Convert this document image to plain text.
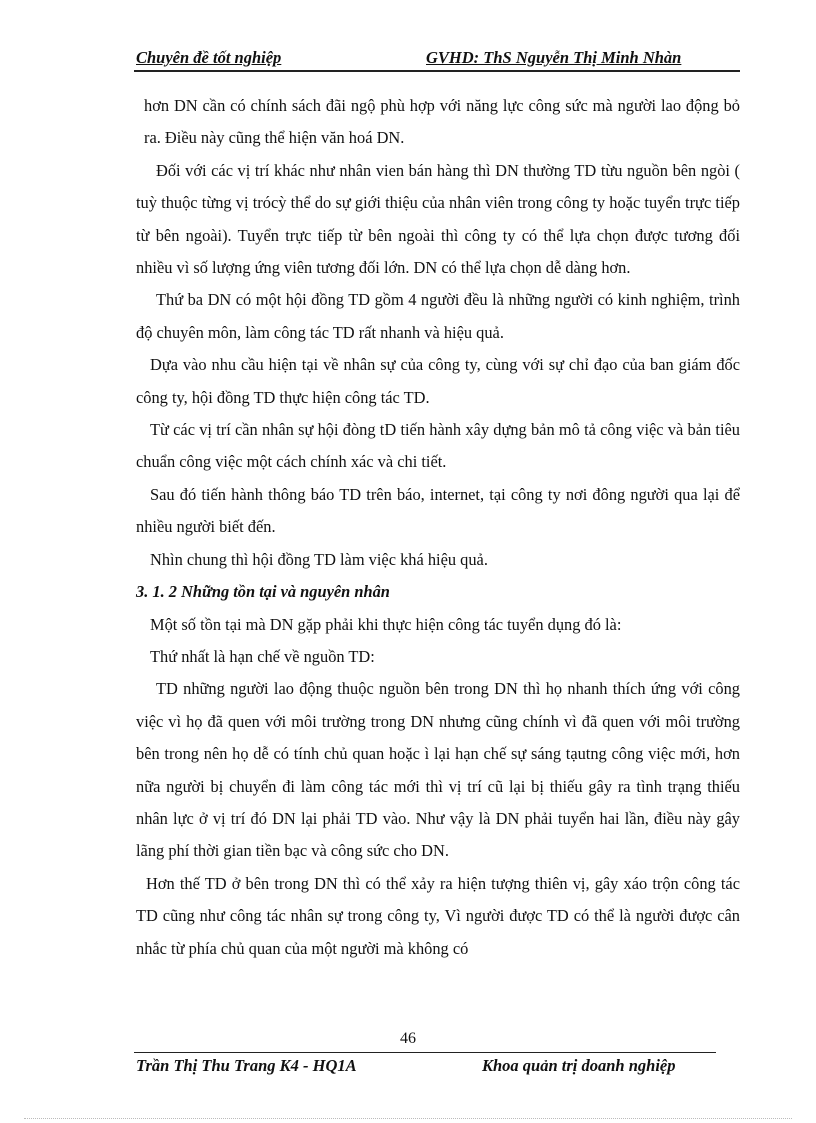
Chuyên đề tốt nghiệp	GVHD: ThS Nguyễn Thị Minh Nhàn

hơn DN cần có chính sách đãi ngộ phù hợp với năng lực công sức mà người lao động bỏ ra. Điều này cũng thể hiện văn hoá DN.

Đối với các vị trí khác như nhân vien bán hàng thì DN thường TD từu nguồn bên ngòi ( tuỳ thuộc từng vị trócỳ thể do sự giới thiệu của nhân viên trong công ty hoặc tuyển trực tiếp từ bên ngoài). Tuyển trực tiếp từ bên ngoài thì công ty có thể lựa chọn được tương đối nhiều vì số lượng ứng viên tương đối lớn. DN có thể lựa chọn dễ dàng hơn.

Thứ ba DN có một hội đồng TD gồm 4 người đều là những người có kinh nghiệm, trình độ chuyên môn, làm công tác TD rất nhanh và hiệu quả.

Dựa vào nhu cầu hiện tại về nhân sự của công ty, cùng với sự chỉ đạo của ban giám đốc công ty, hội đồng TD thực hiện công tác TD.

Từ các vị trí cần nhân sự hội đòng tD tiến hành xây dựng bản mô tả công việc và bản tiêu chuẩn công việc một cách chính xác và chi tiết.

Sau đó tiến hành thông báo TD trên báo, internet, tại công ty nơi đông người qua lại để nhiều người biết đến.

Nhìn chung thì hội đồng TD làm việc khá hiệu quả.

3. 1. 2 Những tồn tại và nguyên nhân

Một số tồn tại mà DN gặp phải khi thực hiện công tác tuyển dụng đó là:

Thứ nhất là hạn chế về nguồn TD:

TD những người lao động thuộc nguồn bên trong DN thì họ nhanh thích ứng với công việc vì họ đã quen với môi trường trong DN nhưng cũng chính vì đã quen với môi trường bên trong nên họ dễ có tính chủ quan hoặc ì lại hạn chế sự sáng tạutng công việc mới, hơn nữa người bị chuyển đi làm công tác mới thì vị trí cũ lại bị thiếu gây ra tình trạng thiếu nhân lực ở vị trí đó DN lại phải TD vào. Như vậy là DN phải tuyển hai lần, điều này gây lãng phí thời gian tiền bạc và công sức cho DN.

Hơn thế TD ở bên trong DN thì có thể xảy ra hiện tượng thiên vị, gây xáo trộn công tác TD cũng như công tác nhân sự trong công ty, Vì người được TD có thể là người được cân nhắc từ phía chủ quan của một người mà không có

46
Trần Thị Thu Trang K4 - HQ1A	Khoa quản trị doanh nghiệp
